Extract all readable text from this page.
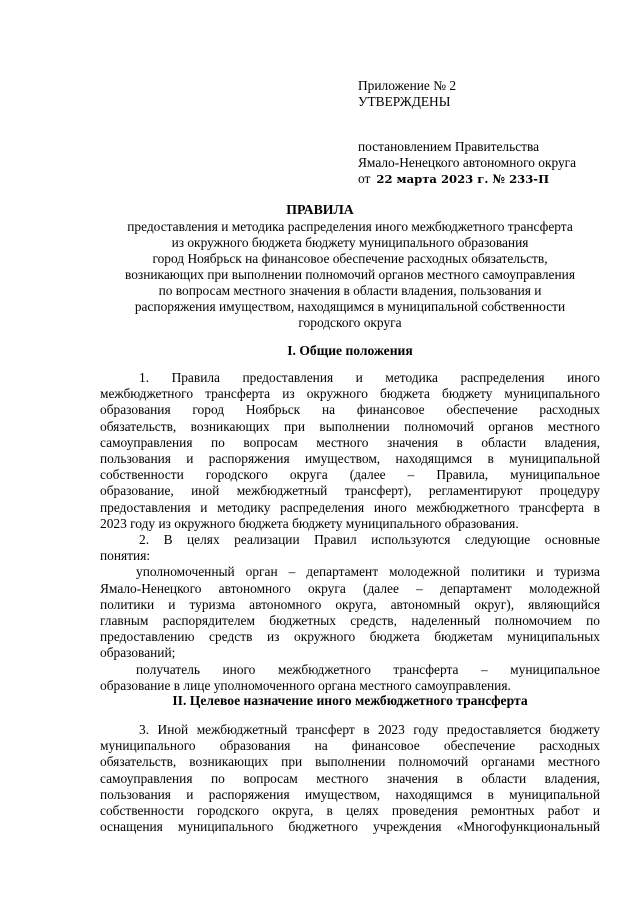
Приложение № 2
УТВЕРЖДЕНЫ
постановлением Правительства
Ямало-Ненецкого автономного округа
от 22 марта 2023 г. № 233-П
ПРАВИЛА
предоставления и методика распределения иного межбюджетного трансферта
из окружного бюджета бюджету муниципального образования
город Ноябрьск на финансовое обеспечение расходных обязательств,
возникающих при выполнении полномочий органов местного самоуправления
по вопросам местного значения в области владения, пользования и
распоряжения имуществом, находящимся в муниципальной собственности
городского округа
I. Общие положения
1. Правила предоставления и методика распределения иного
межбюджетного трансферта из окружного бюджета бюджету муниципального
образования город Ноябрьск на финансовое обеспечение расходных
обязательств, возникающих при выполнении полномочий органов местного
самоуправления по вопросам местного значения в области владения,
пользования и распоряжения имуществом, находящимся в муниципальной
собственности городского округа (далее – Правила, муниципальное
образование, иной межбюджетный трансферт), регламентируют процедуру
предоставления и методику распределения иного межбюджетного трансферта в
2023 году из окружного бюджета бюджету муниципального образования.
2. В целях реализации Правил используются следующие основные
понятия:
уполномоченный орган – департамент молодежной политики и туризма
Ямало-Ненецкого автономного округа (далее – департамент молодежной
политики и туризма автономного округа, автономный округ), являющийся
главным распорядителем бюджетных средств, наделенный полномочием по
предоставлению средств из окружного бюджета бюджетам муниципальных
образований;
получатель иного межбюджетного трансферта – муниципальное
образование в лице уполномоченного органа местного самоуправления.
II. Целевое назначение иного межбюджетного трансферта
3. Иной межбюджетный трансферт в 2023 году предоставляется бюджету
муниципального образования на финансовое обеспечение расходных
обязательств, возникающих при выполнении полномочий органами местного
самоуправления по вопросам местного значения в области владения,
пользования и распоряжения имуществом, находящимся в муниципальной
собственности городского округа, в целях проведения ремонтных работ и
оснащения муниципального бюджетного учреждения «Многофункциональный
